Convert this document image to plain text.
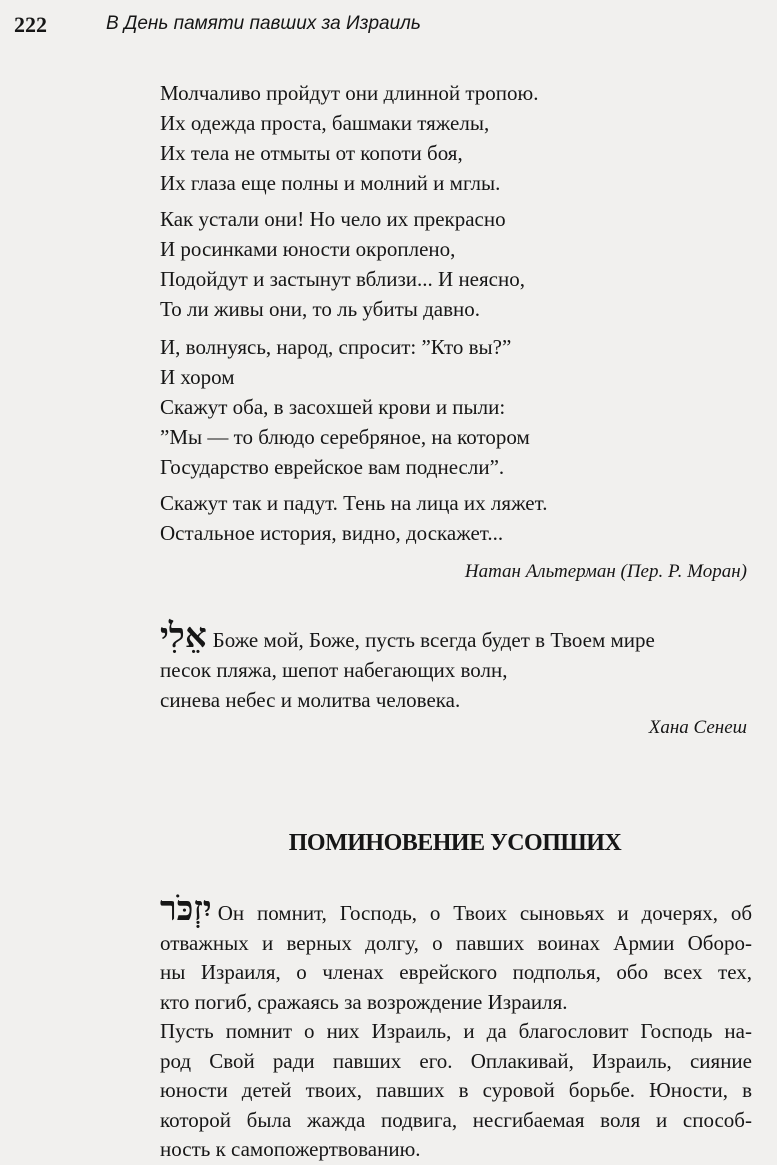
222	В День памяти павших за Израиль
Молчаливо пройдут они длинной тропою.
Их одежда проста, башмаки тяжелы,
Их тела не отмыты от копоти боя,
Их глаза еще полны и молний и мглы.
Как устали они! Но чело их прекрасно
И росинками юности окроплено,
Подойдут и застынут вблизи... И неясно,
То ли живы они, то ль убиты давно.
И, волнуясь, народ, спросит: ”Кто вы?”
И хором
Скажут оба, в засохшей крови и пыли:
”Мы — то блюдо серебряное, на котором
Государство еврейское вам поднесли”.
Скажут так и падут. Тень на лица их ляжет.
Остальное история, видно, доскажет...
Натан Альтерман (Пер. Р. Моран)
אֵלִי Боже мой, Боже, пусть всегда будет в Твоем мире
песок пляжа, шепот набегающих волн,
синева небес и молитва человека.
Хана Сенеш
ПОМИНОВЕНИЕ УСОПШИХ
יִזְכֹּר Он помнит, Господь, о Твоих сыновьях и дочерях, об
отважных и верных долгу, о павших воинах Армии Оборо-
ны Израиля, о членах еврейского подполья, обо всех тех,
кто погиб, сражаясь за возрождение Израиля.
Пусть помнит о них Израиль, и да благословит Господь на-
род Свой ради павших его. Оплакивай, Израиль, сияние
юности детей твоих, павших в суровой борьбе. Юности, в
которой была жажда подвига, несгибаемая воля и способ-
ность к самопожертвованию.
